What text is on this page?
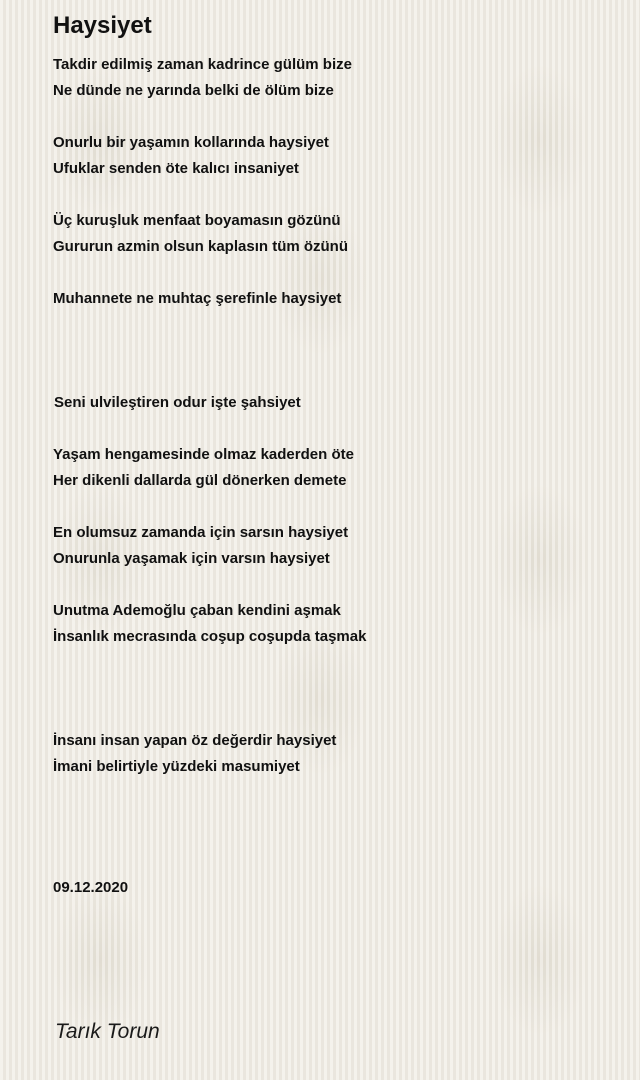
Haysiyet
Takdir edilmiş zaman kadrince gülüm bize
Ne dünde ne yarında belki de ölüm bize
Onurlu bir yaşamın kollarında haysiyet
Ufuklar senden öte kalıcı insaniyet
Üç kuruşluk menfaat boyamasın gözünü
Gururun azmin olsun kaplasın tüm özünü
Muhannete ne muhtaç şerefinle haysiyet
Seni ulvileştiren odur işte şahsiyet
Yaşam hengamesinde olmaz kaderden öte
Her dikenli dallarda gül dönerken demete
En olumsuz zamanda için sarsın haysiyet
Onurunla yaşamak için varsın haysiyet
Unutma Ademoğlu çaban kendini aşmak
İnsanlık mecrasında coşup coşupda taşmak
İnsanı insan yapan öz değerdir haysiyet
İmani belirtiyle yüzdeki masumiyet
09.12.2020
Tarık Torun
